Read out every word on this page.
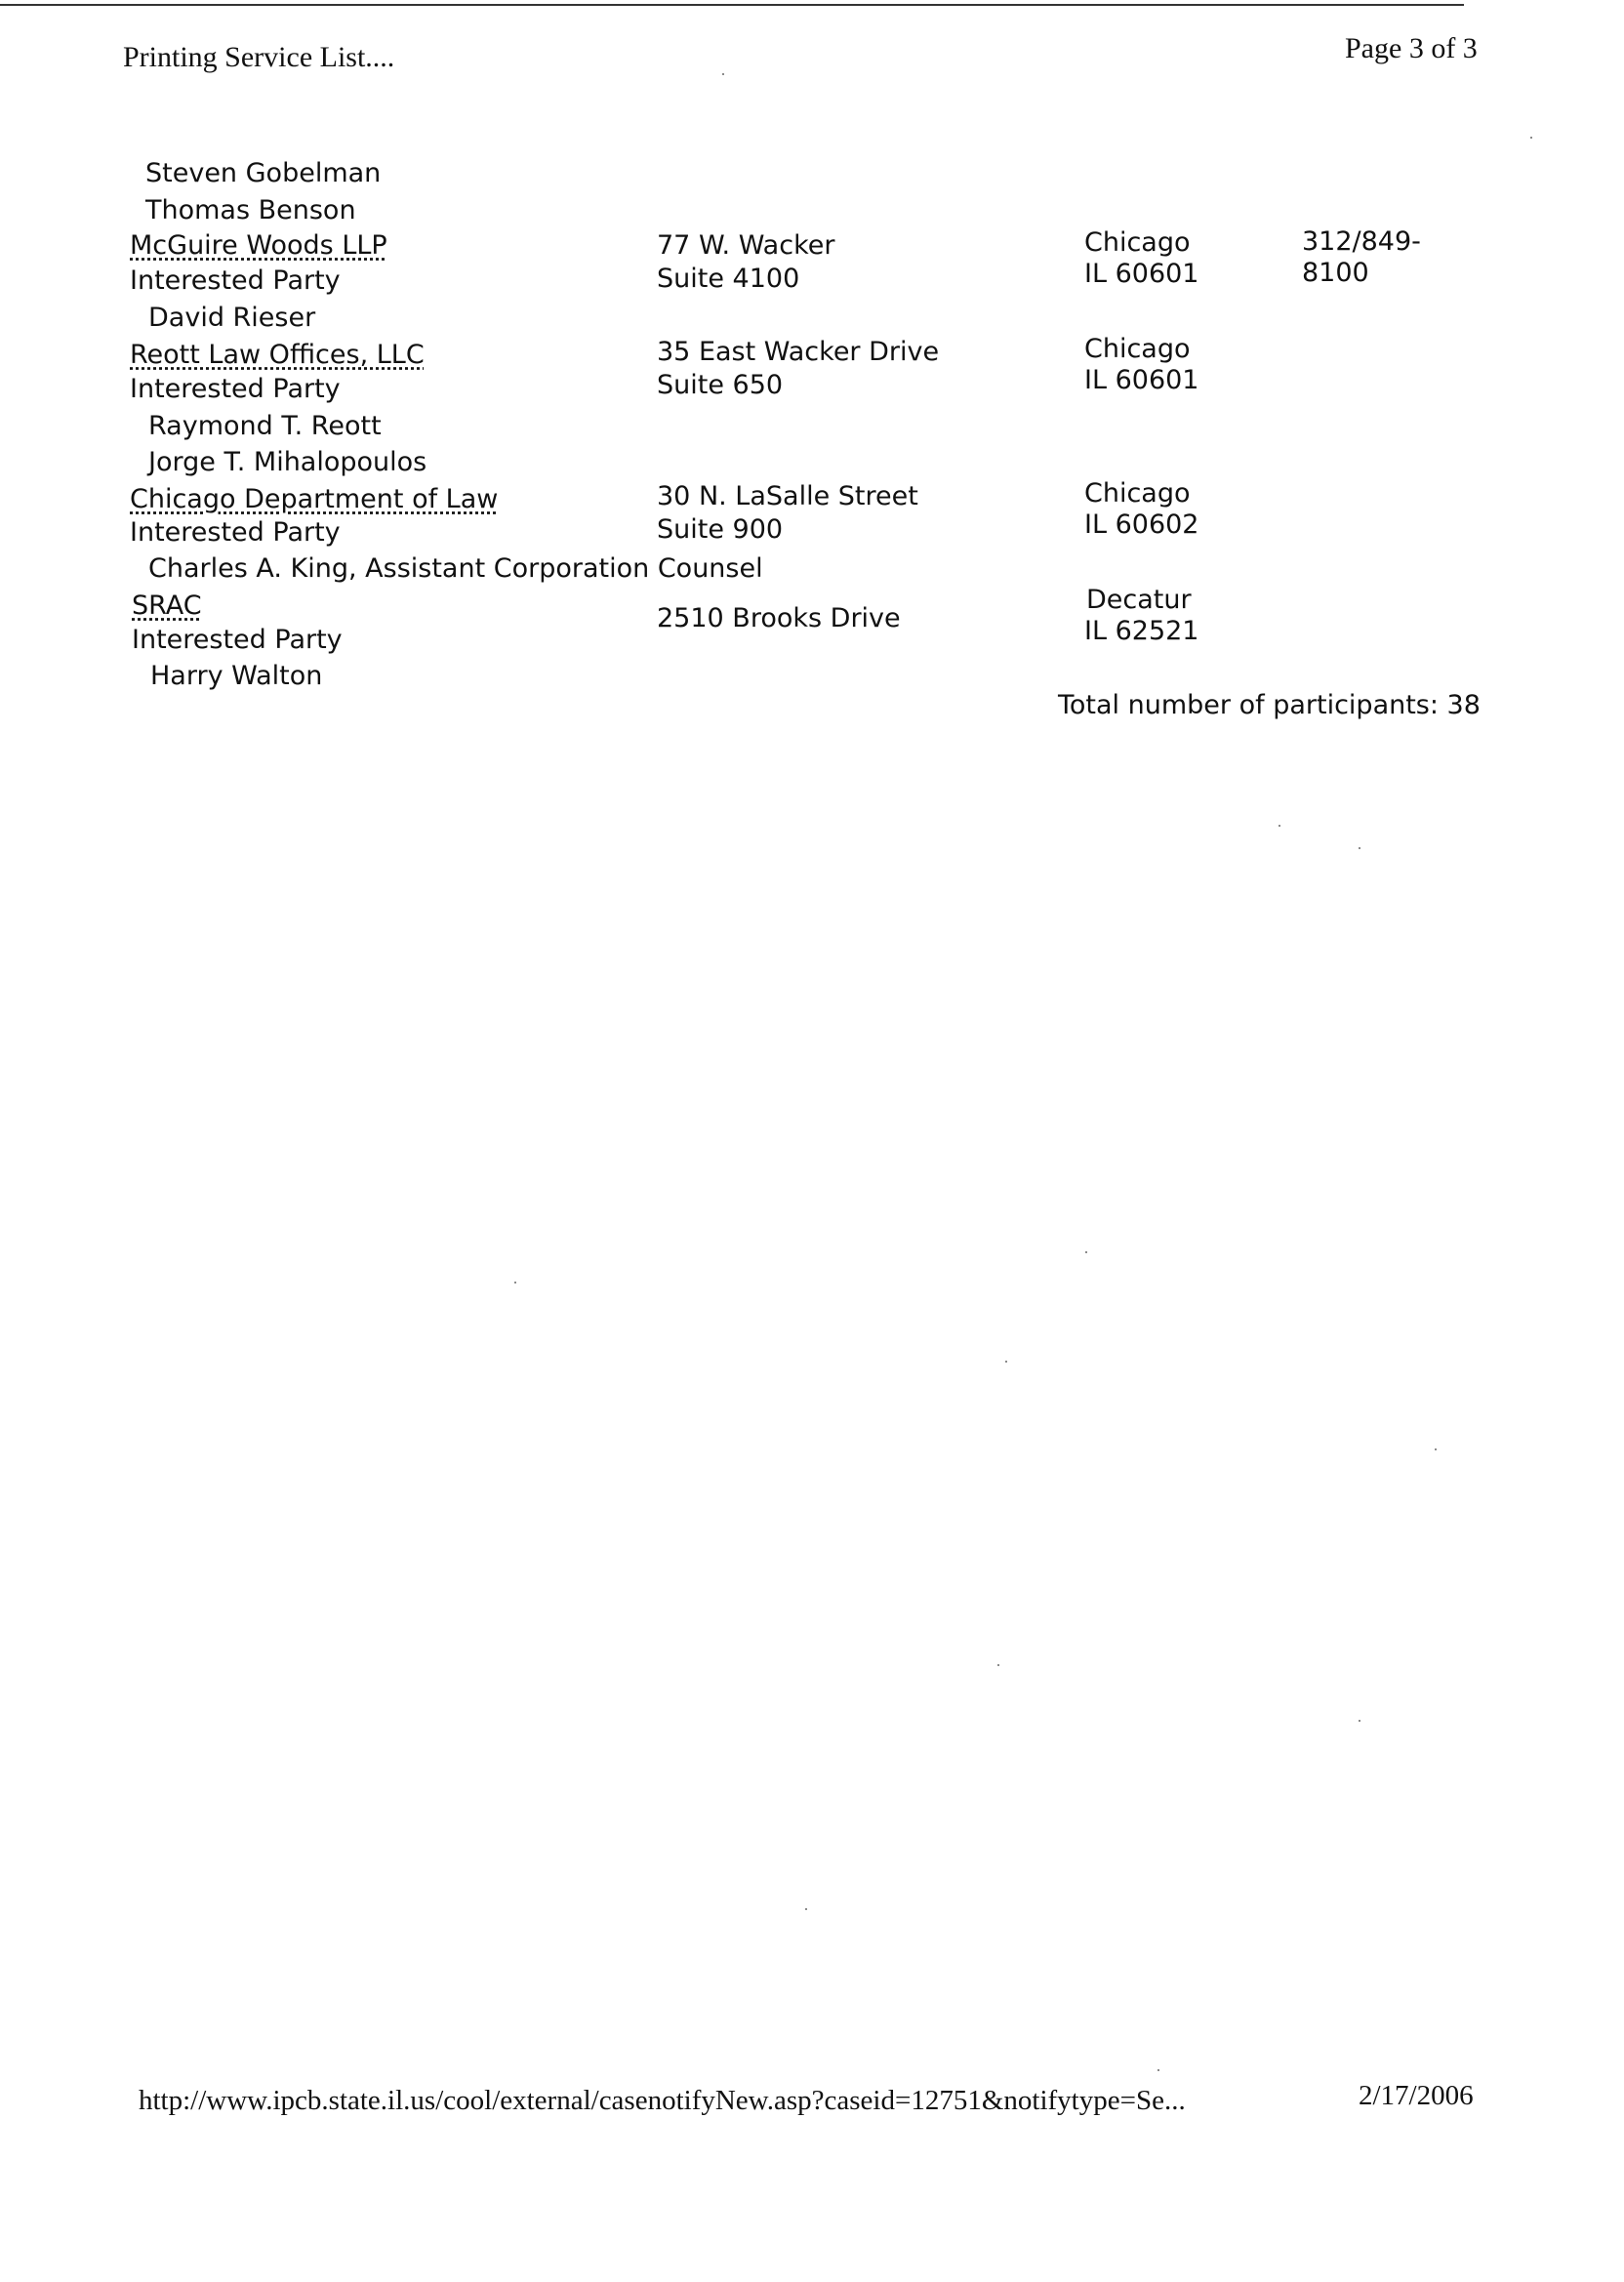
Printing Service List....	Page 3 of 3
Steven Gobelman
Thomas Benson
McGuire Woods LLP
Interested Party
David Rieser
77 W. Wacker
Suite 4100
Chicago
IL 60601
312/849-
8100
Reott Law Offices, LLC
Interested Party
Raymond T. Reott
Jorge T. Mihalopoulos
35 East Wacker Drive
Suite 650
Chicago
IL 60601
Chicago Department of Law
Interested Party
Charles A. King, Assistant Corporation Counsel
30 N. LaSalle Street
Suite 900
Chicago
IL 60602
SRAC
Interested Party
Harry Walton
2510 Brooks Drive
Decatur
IL 62521
Total number of participants: 38
http://www.ipcb.state.il.us/cool/external/casenotifyNew.asp?caseid=12751&notifytype=Se...	2/17/2006
